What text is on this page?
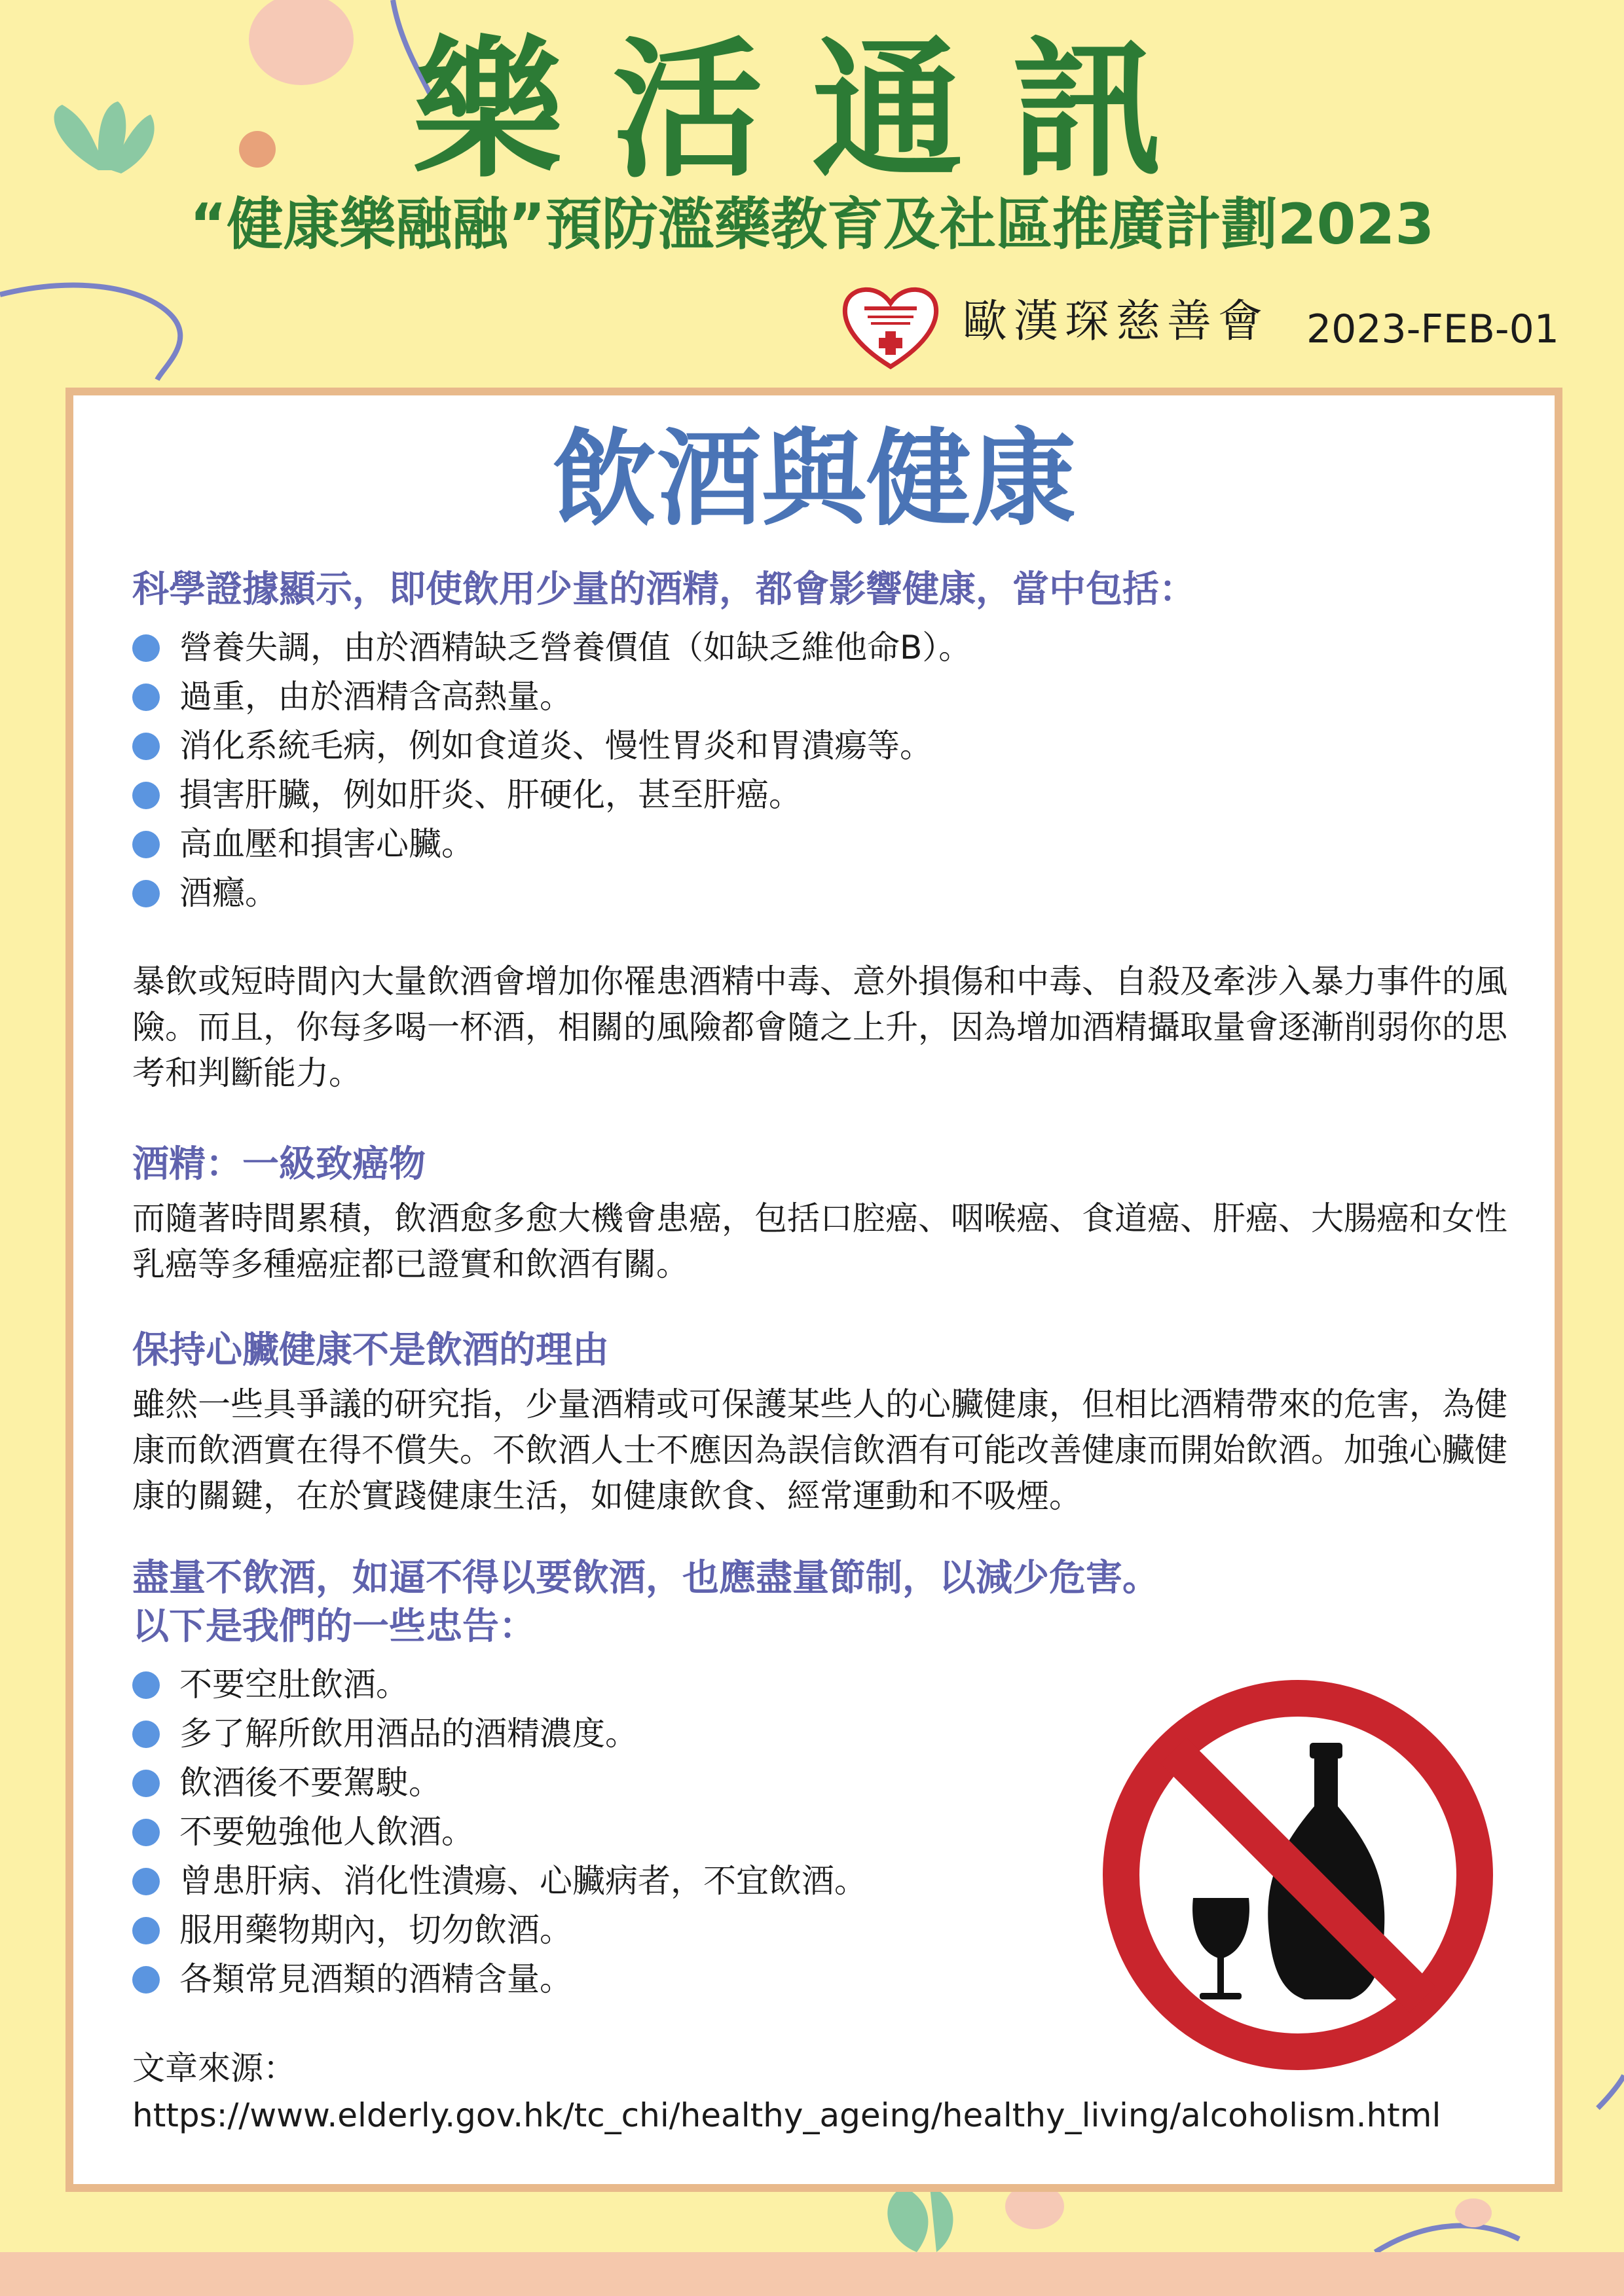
樂活通訊
“健康樂融融”預防濫藥教育及社區推廣計劃2023
歐漢琛慈善會 2023-FEB-01
飲酒與健康
科學證據顯示，即使飲用少量的酒精，都會影響健康，當中包括：
營養失調，由於酒精缺乏營養價值（如缺乏維他命B）。
過重，由於酒精含高熱量。
消化系統毛病，例如食道炎、慢性胃炎和胃潰瘍等。
損害肝臟，例如肝炎、肝硬化，甚至肝癌。
高血壓和損害心臟。
酒癮。

暴飲或短時間內大量飲酒會增加你罹患酒精中毒、意外損傷和中毒、自殺及牽涉入暴力事件的風險。而且，你每多喝一杯酒，相關的風險都會隨之上升，因為增加酒精攝取量會逐漸削弱你的思考和判斷能力。

酒精：一級致癌物

而隨著時間累積，飲酒愈多愈大機會患癌，包括口腔癌、咽喉癌、食道癌、肝癌、大腸癌和女性乳癌等多種癌症都已證實和飲酒有關。

保持心臟健康不是飲酒的理由

雖然一些具爭議的研究指，少量酒精或可保護某些人的心臟健康，但相比酒精帶來的危害，為健康而飲酒實在得不償失。不飲酒人士不應因為誤信飲酒有可能改善健康而開始飲酒。加強心臟健康的關鍵，在於實踐健康生活，如健康飲食、經常運動和不吸煙。

盡量不飲酒，如逼不得以要飲酒，也應盡量節制，以減少危害。
以下是我們的一些忠告：
不要空肚飲酒。
多了解所飲用酒品的酒精濃度。
飲酒後不要駕駛。
不要勉強他人飲酒。
曾患肝病、消化性潰瘍、心臟病者，不宜飲酒。
服用藥物期內，切勿飲酒。
各類常見酒類的酒精含量。
文章來源：
https://www.elderly.gov.hk/tc_chi/healthy_ageing/healthy_living/alcoholism.html
